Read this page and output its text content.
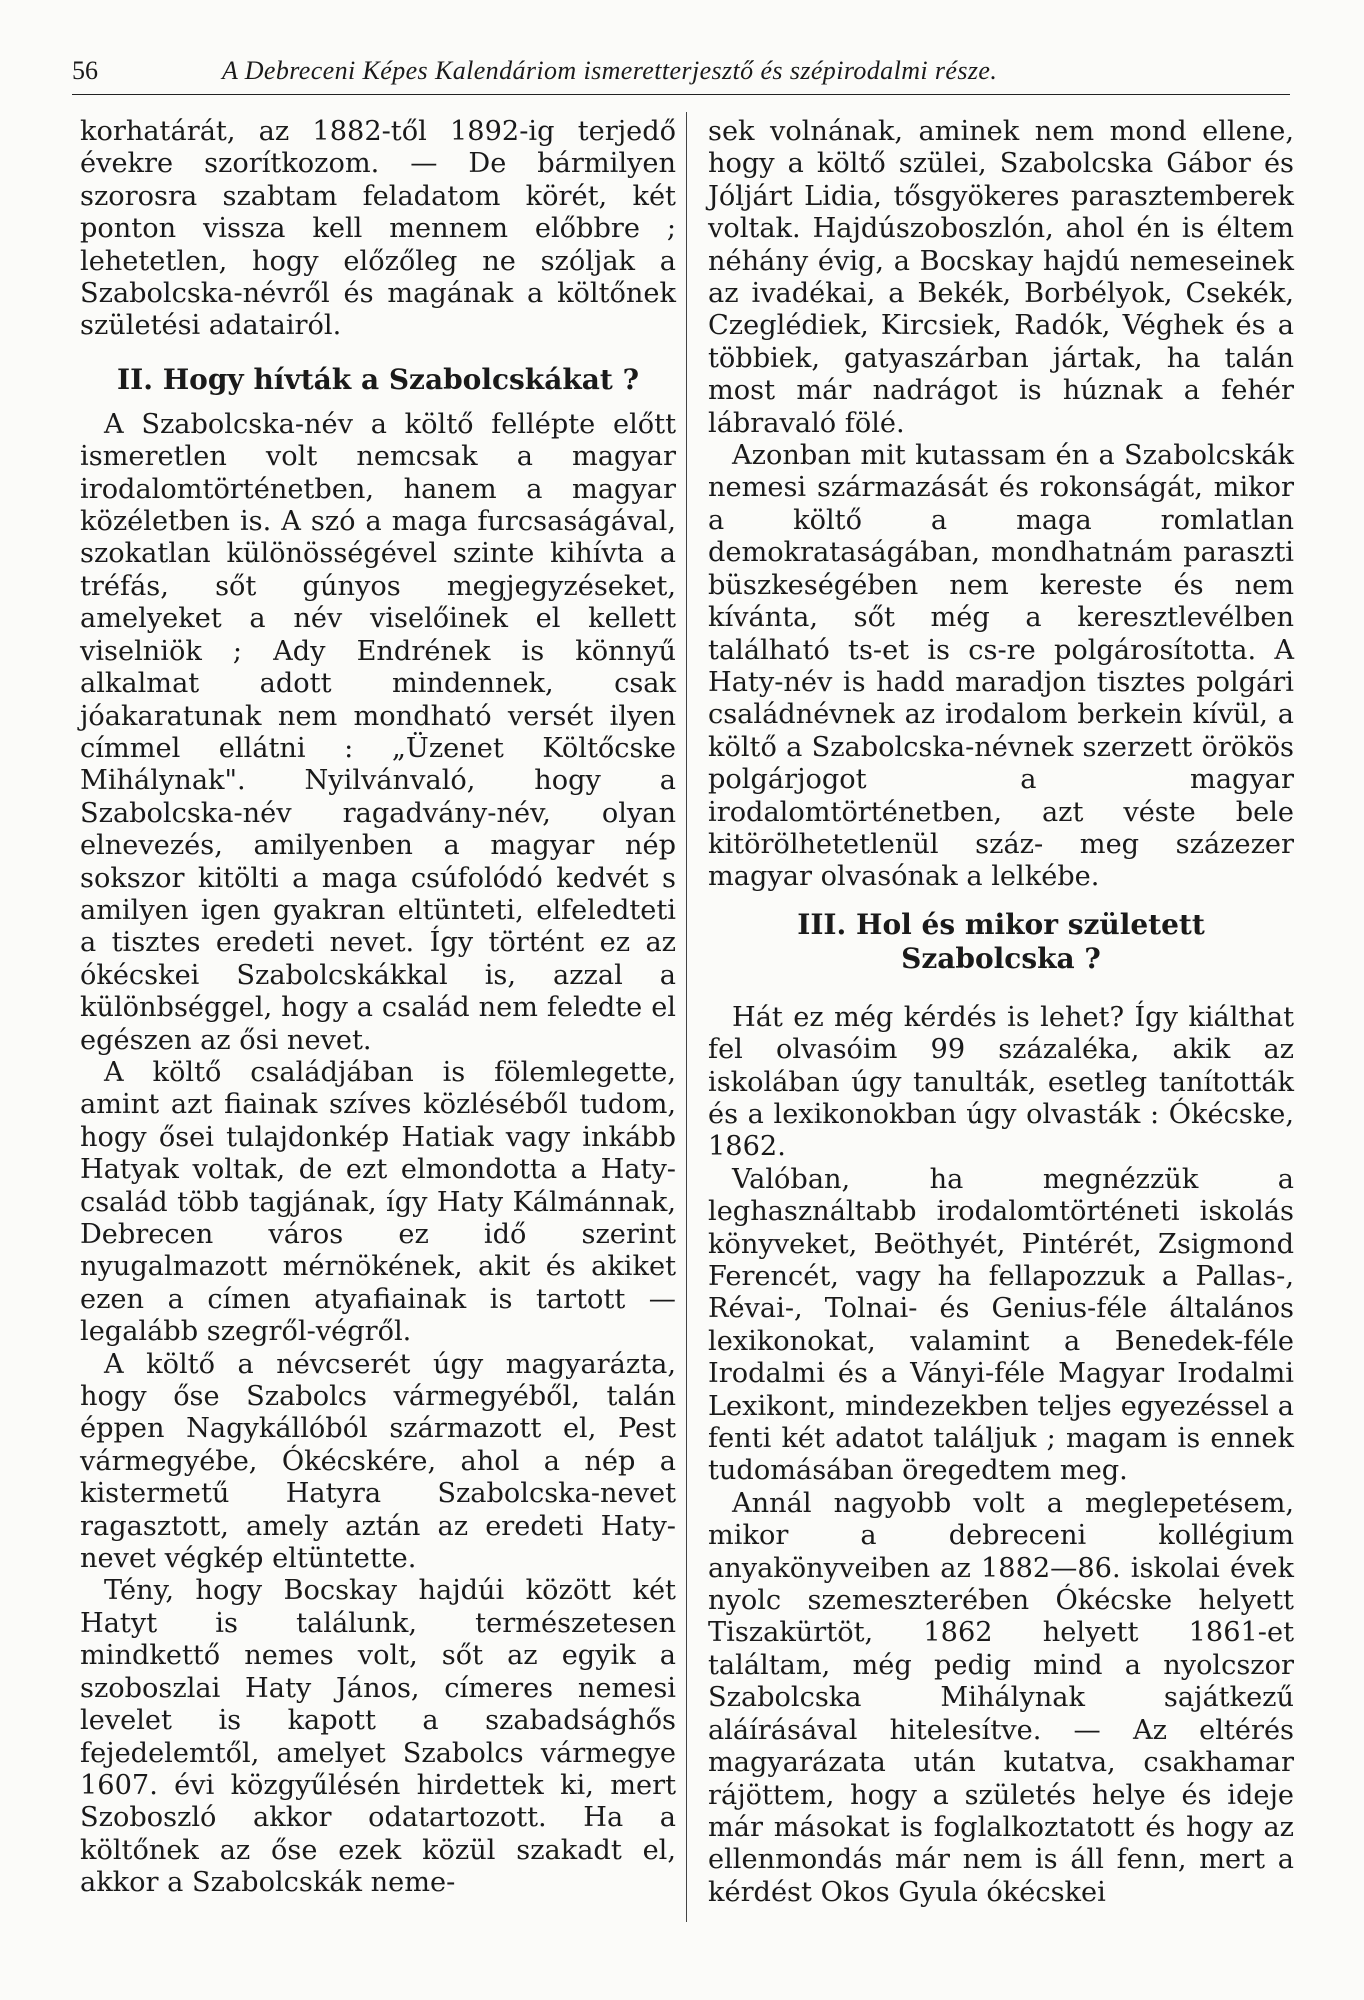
56	A Debreceni Képes Kalendáriom ismeretterjesztő és szépirodalmi része.

korhatárát, az 1882-től 1892-ig terjedő évekre szorítkozom. — De bármilyen szorosra szabtam feladatom körét, két ponton vissza kell mennem előbbre ; lehetetlen, hogy előzőleg ne szóljak a Szabolcska-névről és magának a költőnek születési adatairól.

II. Hogy hívták a Szabolcskákat ?

A Szabolcska-név a költő fellépte előtt ismeretlen volt nemcsak a magyar irodalomtörténetben, hanem a magyar közéletben is. A szó a maga furcsaságával, szokatlan különösségével szinte kihívta a tréfás, sőt gúnyos megjegyzéseket, amelyeket a név viselőinek el kellett viselniök ; Ady Endrének is könnyű alkalmat adott mindennek, csak jóakaratunak nem mondható versét ilyen címmel ellátni : „Üzenet Költőcske Mihálynak". Nyilvánvaló, hogy a Szabolcska-név ragadvány-név, olyan elnevezés, amilyenben a magyar nép sokszor kitölti a maga csúfolódó kedvét s amilyen igen gyakran eltünteti, elfeledteti a tisztes eredeti nevet. Így történt ez az ókécskei Szabolcskákkal is, azzal a különbséggel, hogy a család nem feledte el egészen az ősi nevet.

A költő családjában is fölemlegette, amint azt fiainak szíves közléséből tudom, hogy ősei tulajdonkép Hatiak vagy inkább Hatyak voltak, de ezt elmondotta a Haty-család több tagjának, így Haty Kálmánnak, Debrecen város ez idő szerint nyugalmazott mérnökének, akit és akiket ezen a címen atyafiainak is tartott — legalább szegről-végről.

A költő a névcserét úgy magyarázta, hogy őse Szabolcs vármegyéből, talán éppen Nagykállóból származott el, Pest vármegyébe, Ókécskére, ahol a nép a kistermetű Hatyra Szabolcska-nevet ragasztott, amely aztán az eredeti Haty-nevet végkép eltüntette.

Tény, hogy Bocskay hajdúi között két Hatyt is találunk, természetesen mindkettő nemes volt, sőt az egyik a szoboszlai Haty János, címeres nemesi levelet is kapott a szabadsághős fejedelemtől, amelyet Szabolcs vármegye 1607. évi közgyűlésén hirdettek ki, mert Szoboszló akkor odatartozott. Ha a költőnek az őse ezek közül szakadt el, akkor a Szabolcskák neme-

sek volnának, aminek nem mond ellene, hogy a költő szülei, Szabolcska Gábor és Jóljárt Lidia, tősgyökeres parasztemberek voltak. Hajdúszoboszlón, ahol én is éltem néhány évig, a Bocskay hajdú nemeseinek az ivadékai, a Bekék, Borbélyok, Csekék, Czeglédiek, Kircsiek, Radók, Véghek és a többiek, gatyaszárban jártak, ha talán most már nadrágot is húznak a fehér lábravaló fölé.

Azonban mit kutassam én a Szabolcskák nemesi származását és rokonságát, mikor a költő a maga romlatlan demokrataságában, mondhatnám paraszti büszkeségében nem kereste és nem kívánta, sőt még a keresztlevélben található ts-et is cs-re polgárosította. A Haty-név is hadd maradjon tisztes polgári családnévnek az irodalom berkein kívül, a költő a Szabolcska-névnek szerzett örökös polgárjogot a magyar irodalomtörténetben, azt véste bele kitörölhetetlenül száz- meg százezer magyar olvasónak a lelkébe.

III. Hol és mikor született Szabolcska ?

Hát ez még kérdés is lehet? Így kiálthat fel olvasóim 99 százaléka, akik az iskolában úgy tanulták, esetleg tanították és a lexikonokban úgy olvasták : Ókécske, 1862.

Valóban, ha megnézzük a leghasználtabb irodalomtörténeti iskolás könyveket, Beöthyét, Pintérét, Zsigmond Ferencét, vagy ha fellapozzuk a Pallas-, Révai-, Tolnai- és Genius-féle általános lexikonokat, valamint a Benedek-féle Irodalmi és a Ványi-féle Magyar Irodalmi Lexikont, mindezekben teljes egyezéssel a fenti két adatot találjuk ; magam is ennek tudomásában öregedtem meg.

Annál nagyobb volt a meglepetésem, mikor a debreceni kollégium anyakönyveiben az 1882—86. iskolai évek nyolc szemeszterében Ókécske helyett Tiszakürtöt, 1862 helyett 1861-et találtam, még pedig mind a nyolcszor Szabolcska Mihálynak sajátkezű aláírásával hitelesítve. — Az eltérés magyarázata után kutatva, csakhamar rájöttem, hogy a születés helye és ideje már másokat is foglalkoztatott és hogy az ellenmondás már nem is áll fenn, mert a kérdést Okos Gyula ókécskei
